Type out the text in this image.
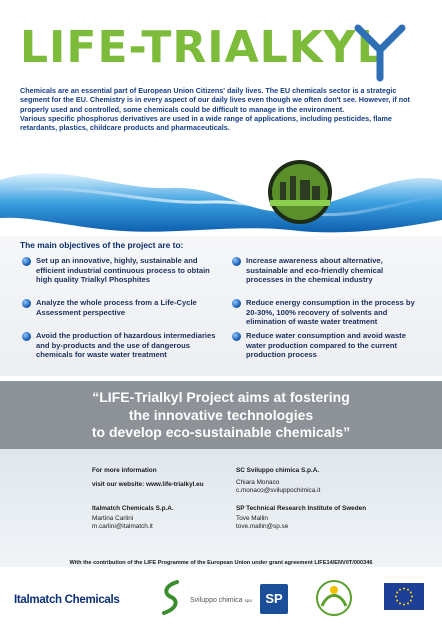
LIFE-TRIALKYL

Chemicals are an essential part of European Union Citizens' daily lives. The EU chemicals sector is a strategic segment for the EU. Chemistry is in every aspect of our daily lives even though we often don't see. However, if not properly used and controlled, some chemicals could be difficult to manage in the environment.

Various specific phosphorus derivatives are used in a wide range of applications, including pesticides, flame retardants, plastics, childcare products and pharmaceuticals.

The main objectives of the project are to:
Set up an innovative, highly, sustainable and efficient industrial continuous process to obtain high quality Trialkyl Phosphites
Analyze the whole process from a Life-Cycle Assessment perspective
Avoid the production of hazardous intermediaries and by-products and the use of dangerous chemicals for waste water treatment
Increase awareness about alternative, sustainable and eco-friendly chemical processes in the chemical industry
Reduce energy consumption in the process by 20-30%, 100% recovery of solvents and elimination of waste water treatment
Reduce water consumption and avoid waste water production compared to the current production process
“LIFE-Trialkyl Project aims at fostering
the innovative technologies
to develop eco-sustainable chemicals”
For more information
visit our website: www.life-trialkyl.eu
Italmatch Chemicals S.p.A.
Martina Carlini
m.carlini@italmatch.it
SC Sviluppo chimica S.p.A.
Chiara Monaco
c.monaco@sviluppochimica.it
SP Technical Research Institute of Sweden
Tove Mallin
tove.mallin@sp.se
With the contribution of the LIFE Programme of the European Union under grant agreement LIFE14/ENV/IT/000346
Italmatch Chemicals	Sviluppo chimica spa	SP
